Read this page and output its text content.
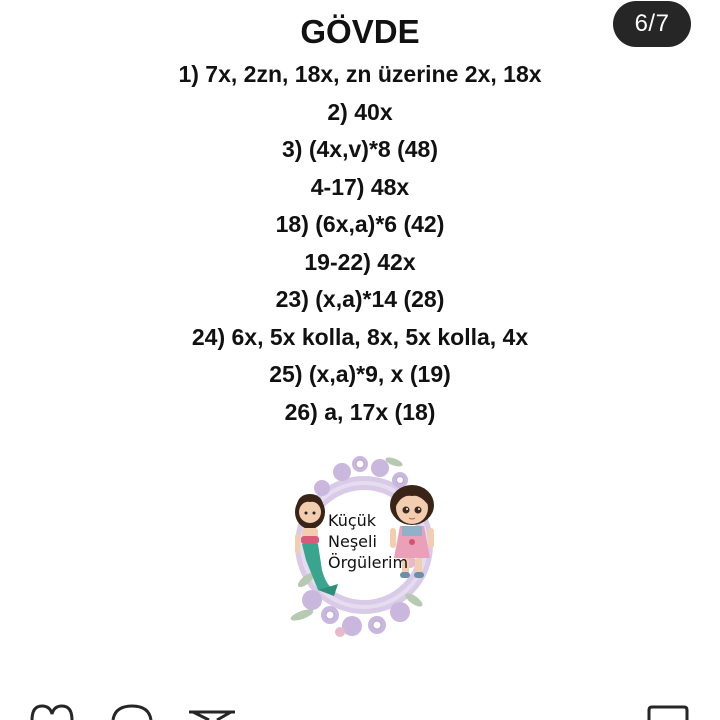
6/7
GÖVDE
1) 7x, 2zn, 18x, zn üzerine 2x, 18x
2) 40x
3) (4x,v)*8 (48)
4-17) 48x
18) (6x,a)*6 (42)
19-22) 42x
23) (x,a)*14 (28)
24) 6x, 5x kolla, 8x, 5x kolla, 4x
25) (x,a)*9, x (19)
26) a, 17x (18)
Küçük
Neşeli
Örgülerim
